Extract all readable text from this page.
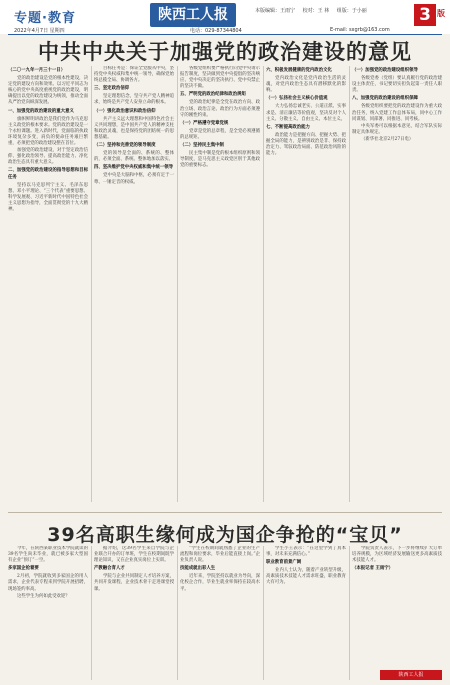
专题·教育	陕西工人报	本版编辑：王雨宁 校对：王 林 组版：于小丽	3 版
2022年4月7日 星期四	电话：029-87344804	E-mail: sxgrb@163.com
中共中央关于加强党的政治建设的意见

（二〇一九年一月三十一日）

党的政治建设是党的根本性建设，决定党的建设方向和效果。以习近平同志为核心的党中央高度重视党的政治建设，明确提出以党的政治建设为统领，推动全面从严治党向纵深发展。

一、加强党的政治建设的重大意义

旗帜鲜明讲政治是我们党作为马克思主义政党的根本要求。党的政治建设是一个永恒课题。进入新时代，党面临的执政环境复杂多变，肩负的使命任务艰巨繁重，必须把党的政治建设摆在首位。

加强党的政治建设，对于坚定政治信仰、强化政治领导、提高政治能力、净化政治生态具有重大意义。

二、加强党的政治建设的指导思想和目标任务

坚持以马克思列宁主义、毛泽东思想、邓小平理论、“三个代表”重要思想、科学发展观、习近平新时代中国特色社会主义思想为指导，全面贯彻党的十九大精神。

目标任务是：保证全党服从中央，坚持党中央权威和集中统一领导，确保党始终总揽全局、协调各方。

三、坚定政治信仰

坚定理想信念，坚守共产党人精神追求，始终是共产党人安身立命的根本。

（一）强化政治意识和政治信仰

共产主义远大理想和中国特色社会主义共同理想，是中国共产党人的精神支柱和政治灵魂，也是保持党的团结统一的思想基础。

（二）坚持和完善党的领导制度

党的领导是全面的、系统的、整体的，必须全面、系统、整体地加以落实。

四、坚决维护党中央权威和集中统一领导

党中央是大脑和中枢，必须有定于一尊、一锤定音的权威。

各级党组织要严格执行向党中央请示报告制度，坚决做到党中央提倡的坚决响应、党中央决定的坚决执行、党中央禁止的坚决不做。

五、严明党的政治纪律和政治规矩

党的政治纪律是全党在政治方向、政治立场、政治言论、政治行为方面必须遵守的刚性约束。

（一）严格遵守党章党规

党章是党的总章程，是全党必须遵循的总规矩。

（二）坚持民主集中制

民主集中制是党的根本组织原则和领导制度，是马克思主义政党区别于其他政党的重要标志。

六、积极发展健康的党内政治文化

党内政治文化是党内政治生活的灵魂，对党内政治生态具有潜移默化的影响。

（一）弘扬社会主义核心价值观

大力弘扬忠诚老实、公道正派、实事求是、清正廉洁等价值观，坚决反对个人主义、分散主义、自由主义、本位主义。

七、不断提高政治能力

政治能力是把握方向、把握大势、把握全局的能力，是辨别政治是非、保持政治定力、驾驭政治局面、防范政治风险的能力。

（一）加强党的政治建设组织领导

各级党委（党组）要认真履行党的政治建设主体责任，书记要切实担负起第一责任人职责。

八、加强党的政治建设的组织保障

各级党组织要把党的政治建设作为重大政治任务，纳入党建工作总体布局，同中心工作同谋划、同部署、同推进、同考核。

中央军委可以根据本意见，结合军队实际制定具体规定。

（新华社北京2月27日电）

39名高职生缘何成为国企争抢的“宝贝”

今年，在陕西某职业技术学院就读的39名学生尚未毕业，就已被多家大型国有企业“预订”一空。

多家国企抢着要

2月初，学院就收到多家国企的用人需求，企业代表专程来到学院开展招聘，现场签约率高。

这些学生为何如此受欢迎？

据介绍，这39名学生来自学院与企业联合开办的订单班，学生在校期间既学理论知识，又在企业真实岗位上实训。

产教融合育人才

学院与企业共同制定人才培养方案，共同开发课程，企业技术骨干走进课堂授课。

“学生在校期间就熟悉了企业的生产流程和岗位要求，毕业后能直接上岗。”企业负责人说。

技能成就出彩人生

近年来，学院坚持以就业为导向，深化校企合作，毕业生就业率保持在较高水平。

学生小王表示：“在这里学到了真本事，对未来充满信心。”

职业教育前景广阔

业内人士认为，随着产业转型升级，高素质技术技能人才需求旺盛，职业教育大有可为。

学院负责人表示，下一步将继续扩大订单培养规模，为区域经济发展输送更多高素质技术技能人才。

（本报记者 王雨宁）

陕西工人报
